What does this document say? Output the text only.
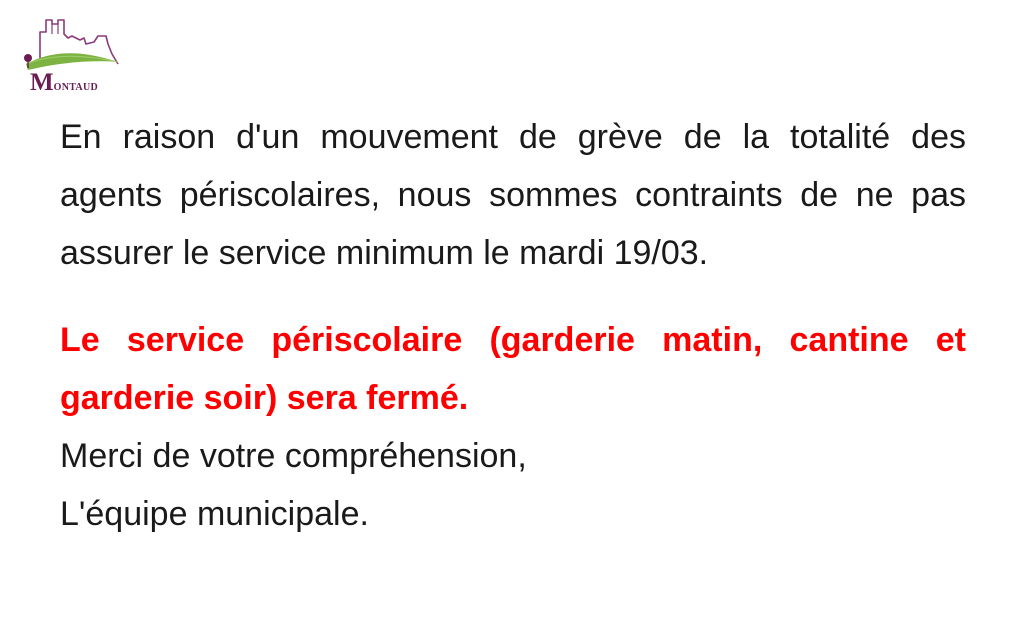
MONTAUD

En raison d'un mouvement de grève de la totalité des agents périscolaires, nous sommes contraints de ne pas assurer le service minimum le mardi 19/03.

Le service périscolaire (garderie matin, cantine et garderie soir) sera fermé.

Merci de votre compréhension,

L'équipe municipale.
